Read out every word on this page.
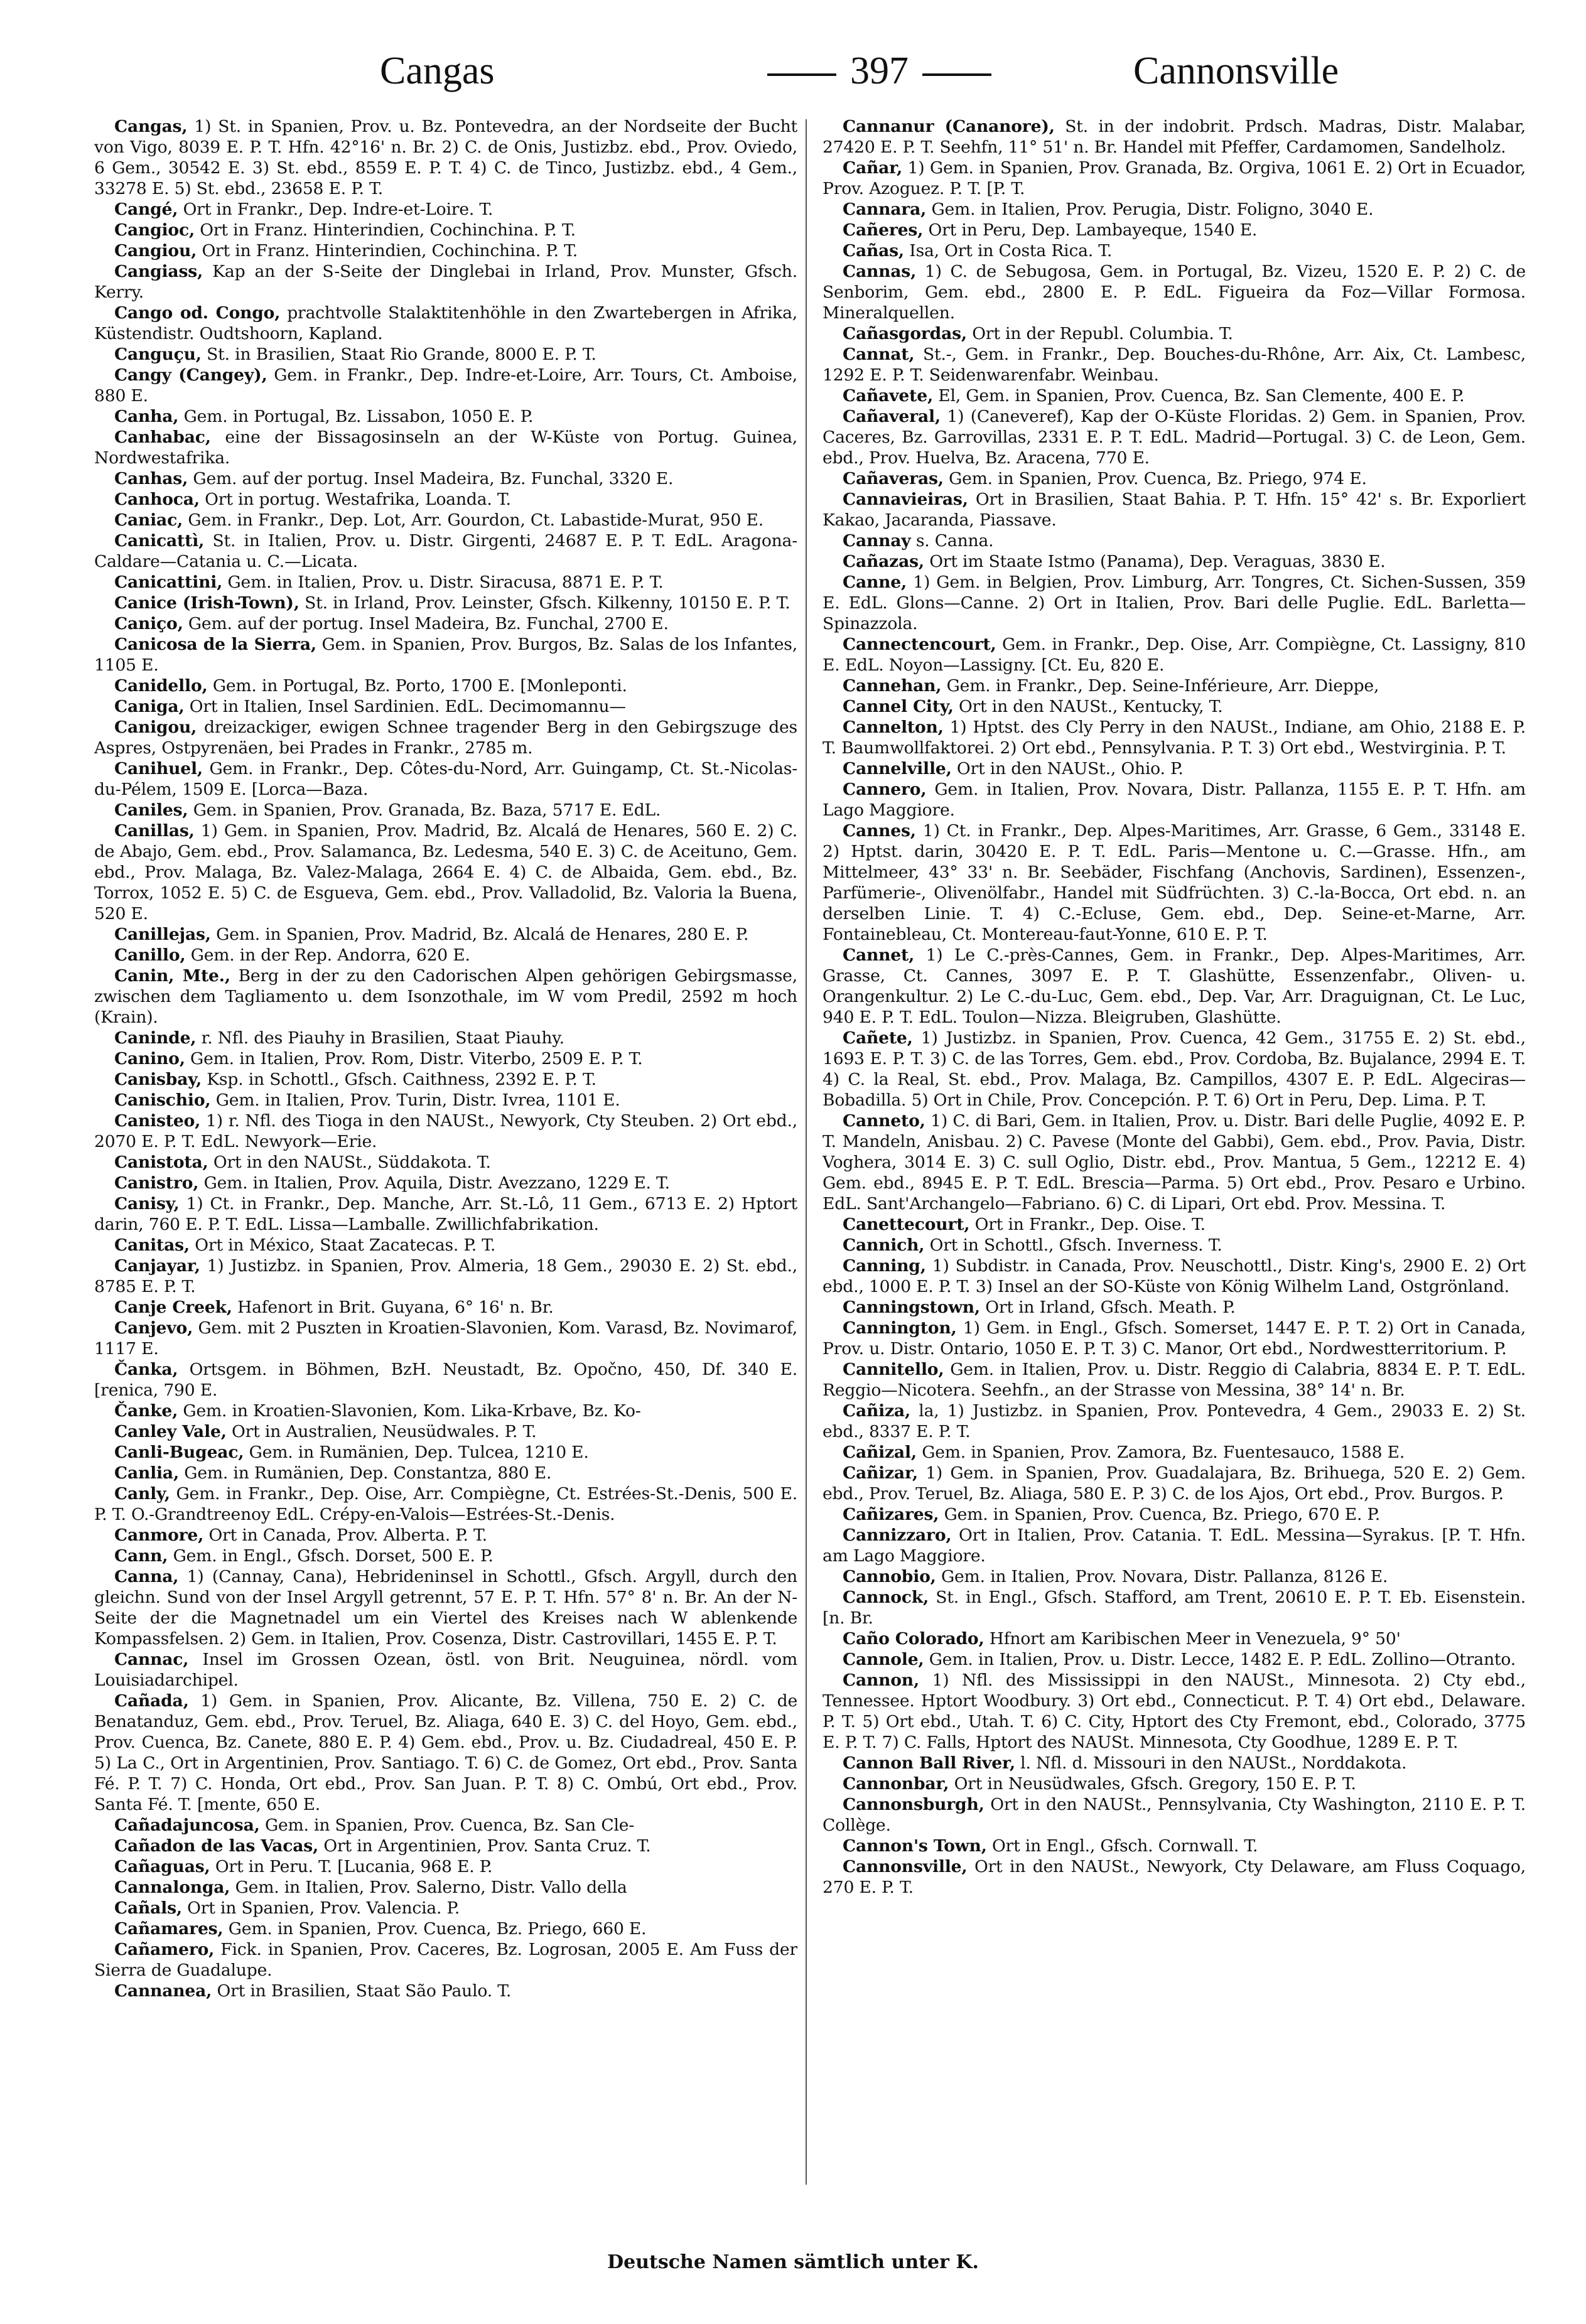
Cangas	397	Cannonsville

Cangas, 1) St. in Spanien, Prov. u. Bz. Pontevedra, an der Nordseite der Bucht von Vigo, 8039 E. P. T. Hfn. 42°16' n. Br. 2) C. de Onis, Justizbz. ebd., Prov. Oviedo, 6 Gem., 30542 E. 3) St. ebd., 8559 E. P. T. 4) C. de Tinco, Justizbz. ebd., 4 Gem., 33278 E. 5) St. ebd., 23658 E. P. T.

Cangé, Ort in Frankr., Dep. Indre-et-Loire. T.

Cangioc, Ort in Franz. Hinterindien, Cochinchina. P. T.

Cangiou, Ort in Franz. Hinterindien, Cochinchina. P. T.

Cangiass, Kap an der S-Seite der Dinglebai in Irland, Prov. Munster, Gfsch. Kerry.

Cango od. Congo, prachtvolle Stalaktitenhöhle in den Zwartebergen in Afrika, Küstendistr. Oudtshoorn, Kapland.

Canguçu, St. in Brasilien, Staat Rio Grande, 8000 E. P. T.

Cangy (Cangey), Gem. in Frankr., Dep. Indre-et-Loire, Arr. Tours, Ct. Amboise, 880 E.

Canha, Gem. in Portugal, Bz. Lissabon, 1050 E. P.

Canhabac, eine der Bissagosinseln an der W-Küste von Portug. Guinea, Nordwestafrika.

Canhas, Gem. auf der portug. Insel Madeira, Bz. Funchal, 3320 E.

Canhoca, Ort in portug. Westafrika, Loanda. T.

Caniac, Gem. in Frankr., Dep. Lot, Arr. Gourdon, Ct. Labastide-Murat, 950 E.

Canicattì, St. in Italien, Prov. u. Distr. Girgenti, 24687 E. P. T. EdL. Aragona-Caldare—Catania u. C.—Licata.

Canicattini, Gem. in Italien, Prov. u. Distr. Siracusa, 8871 E. P. T.

Canice (Irish-Town), St. in Irland, Prov. Leinster, Gfsch. Kilkenny, 10150 E. P. T.

Caniço, Gem. auf der portug. Insel Madeira, Bz. Funchal, 2700 E.

Canicosa de la Sierra, Gem. in Spanien, Prov. Burgos, Bz. Salas de los Infantes, 1105 E.

Canidello, Gem. in Portugal, Bz. Porto, 1700 E. [Monleponti.

Caniga, Ort in Italien, Insel Sardinien. EdL. Decimomannu—

Canigou, dreizackiger, ewigen Schnee tragender Berg in den Gebirgszuge des Aspres, Ostpyrenäen, bei Prades in Frankr., 2785 m.

Canihuel, Gem. in Frankr., Dep. Côtes-du-Nord, Arr. Guingamp, Ct. St.-Nicolas-du-Pélem, 1509 E. [Lorca—Baza.

Caniles, Gem. in Spanien, Prov. Granada, Bz. Baza, 5717 E. EdL.

Canillas, 1) Gem. in Spanien, Prov. Madrid, Bz. Alcalá de Henares, 560 E. 2) C. de Abajo, Gem. ebd., Prov. Salamanca, Bz. Ledesma, 540 E. 3) C. de Aceituno, Gem. ebd., Prov. Malaga, Bz. Valez-Malaga, 2664 E. 4) C. de Albaida, Gem. ebd., Bz. Torrox, 1052 E. 5) C. de Esgueva, Gem. ebd., Prov. Valladolid, Bz. Valoria la Buena, 520 E.

Canillejas, Gem. in Spanien, Prov. Madrid, Bz. Alcalá de Henares, 280 E. P.

Canillo, Gem. in der Rep. Andorra, 620 E.

Canin, Mte., Berg in der zu den Cadorischen Alpen gehörigen Gebirgsmasse, zwischen dem Tagliamento u. dem Isonzothale, im W vom Predil, 2592 m hoch (Krain).

Caninde, r. Nfl. des Piauhy in Brasilien, Staat Piauhy.

Canino, Gem. in Italien, Prov. Rom, Distr. Viterbo, 2509 E. P. T.

Canisbay, Ksp. in Schottl., Gfsch. Caithness, 2392 E. P. T.

Canischio, Gem. in Italien, Prov. Turin, Distr. Ivrea, 1101 E.

Canisteo, 1) r. Nfl. des Tioga in den NAUSt., Newyork, Cty Steuben. 2) Ort ebd., 2070 E. P. T. EdL. Newyork—Erie.

Canistota, Ort in den NAUSt., Süddakota. T.

Canistro, Gem. in Italien, Prov. Aquila, Distr. Avezzano, 1229 E. T.

Canisy, 1) Ct. in Frankr., Dep. Manche, Arr. St.-Lô, 11 Gem., 6713 E. 2) Hptort darin, 760 E. P. T. EdL. Lissa—Lamballe. Zwillichfabrikation.

Canitas, Ort in México, Staat Zacatecas. P. T.

Canjayar, 1) Justizbz. in Spanien, Prov. Almeria, 18 Gem., 29030 E. 2) St. ebd., 8785 E. P. T.

Canje Creek, Hafenort in Brit. Guyana, 6° 16' n. Br.

Canjevo, Gem. mit 2 Puszten in Kroatien-Slavonien, Kom. Varasd, Bz. Novimarof, 1117 E.

Čanka, Ortsgem. in Böhmen, BzH. Neustadt, Bz. Opočno, 450, Df. 340 E. [renica, 790 E.

Čanke, Gem. in Kroatien-Slavonien, Kom. Lika-Krbave, Bz. Ko-

Canley Vale, Ort in Australien, Neusüdwales. P. T.

Canli-Bugeac, Gem. in Rumänien, Dep. Tulcea, 1210 E.

Canlia, Gem. in Rumänien, Dep. Constantza, 880 E.

Canly, Gem. in Frankr., Dep. Oise, Arr. Compiègne, Ct. Estrées-St.-Denis, 500 E. P. T. O.-Grandtreenoy EdL. Crépy-en-Valois—Estrées-St.-Denis.

Canmore, Ort in Canada, Prov. Alberta. P. T.

Cann, Gem. in Engl., Gfsch. Dorset, 500 E. P.

Canna, 1) (Cannay, Cana), Hebrideninsel in Schottl., Gfsch. Argyll, durch den gleichn. Sund von der Insel Argyll getrennt, 57 E. P. T. Hfn. 57° 8' n. Br. An der N-Seite der die Magnetnadel um ein Viertel des Kreises nach W ablenkende Kompassfelsen. 2) Gem. in Italien, Prov. Cosenza, Distr. Castrovillari, 1455 E. P. T.

Cannac, Insel im Grossen Ozean, östl. von Brit. Neuguinea, nördl. vom Louisiadarchipel.

Cañada, 1) Gem. in Spanien, Prov. Alicante, Bz. Villena, 750 E. 2) C. de Benatanduz, Gem. ebd., Prov. Teruel, Bz. Aliaga, 640 E. 3) C. del Hoyo, Gem. ebd., Prov. Cuenca, Bz. Canete, 880 E. P. 4) Gem. ebd., Prov. u. Bz. Ciudadreal, 450 E. P. 5) La C., Ort in Argentinien, Prov. Santiago. T. 6) C. de Gomez, Ort ebd., Prov. Santa Fé. P. T. 7) C. Honda, Ort ebd., Prov. San Juan. P. T. 8) C. Ombú, Ort ebd., Prov. Santa Fé. T. [mente, 650 E.

Cañadajuncosa, Gem. in Spanien, Prov. Cuenca, Bz. San Cle-

Cañadon de las Vacas, Ort in Argentinien, Prov. Santa Cruz. T.

Cañaguas, Ort in Peru. T. [Lucania, 968 E. P.

Cannalonga, Gem. in Italien, Prov. Salerno, Distr. Vallo della

Cañals, Ort in Spanien, Prov. Valencia. P.

Cañamares, Gem. in Spanien, Prov. Cuenca, Bz. Priego, 660 E.

Cañamero, Fick. in Spanien, Prov. Caceres, Bz. Logrosan, 2005 E. Am Fuss der Sierra de Guadalupe.

Cannanea, Ort in Brasilien, Staat São Paulo. T.

Cannanur (Cananore), St. in der indobrit. Prdsch. Madras, Distr. Malabar, 27420 E. P. T. Seehfn, 11° 51' n. Br. Handel mit Pfeffer, Cardamomen, Sandelholz.

Cañar, 1) Gem. in Spanien, Prov. Granada, Bz. Orgiva, 1061 E. 2) Ort in Ecuador, Prov. Azoguez. P. T. [P. T.

Cannara, Gem. in Italien, Prov. Perugia, Distr. Foligno, 3040 E.

Cañeres, Ort in Peru, Dep. Lambayeque, 1540 E.

Cañas, Isa, Ort in Costa Rica. T.

Cannas, 1) C. de Sebugosa, Gem. in Portugal, Bz. Vizeu, 1520 E. P. 2) C. de Senborim, Gem. ebd., 2800 E. P. EdL. Figueira da Foz—Villar Formosa. Mineralquellen.

Cañasgordas, Ort in der Republ. Columbia. T.

Cannat, St.-, Gem. in Frankr., Dep. Bouches-du-Rhône, Arr. Aix, Ct. Lambesc, 1292 E. P. T. Seidenwarenfabr. Weinbau.

Cañavete, El, Gem. in Spanien, Prov. Cuenca, Bz. San Clemente, 400 E. P.

Cañaveral, 1) (Caneveref), Kap der O-Küste Floridas. 2) Gem. in Spanien, Prov. Caceres, Bz. Garrovillas, 2331 E. P. T. EdL. Madrid—Portugal. 3) C. de Leon, Gem. ebd., Prov. Huelva, Bz. Aracena, 770 E.

Cañaveras, Gem. in Spanien, Prov. Cuenca, Bz. Priego, 974 E.

Cannavieiras, Ort in Brasilien, Staat Bahia. P. T. Hfn. 15° 42' s. Br. Exporliert Kakao, Jacaranda, Piassave.

Cannay s. Canna.

Cañazas, Ort im Staate Istmo (Panama), Dep. Veraguas, 3830 E.

Canne, 1) Gem. in Belgien, Prov. Limburg, Arr. Tongres, Ct. Sichen-Sussen, 359 E. EdL. Glons—Canne. 2) Ort in Italien, Prov. Bari delle Puglie. EdL. Barletta—Spinazzola.

Cannectencourt, Gem. in Frankr., Dep. Oise, Arr. Compiègne, Ct. Lassigny, 810 E. EdL. Noyon—Lassigny. [Ct. Eu, 820 E.

Cannehan, Gem. in Frankr., Dep. Seine-Inférieure, Arr. Dieppe,

Cannel City, Ort in den NAUSt., Kentucky, T.

Cannelton, 1) Hptst. des Cly Perry in den NAUSt., Indiane, am Ohio, 2188 E. P. T. Baumwollfaktorei. 2) Ort ebd., Pennsylvania. P. T. 3) Ort ebd., Westvirginia. P. T.

Cannelville, Ort in den NAUSt., Ohio. P.

Cannero, Gem. in Italien, Prov. Novara, Distr. Pallanza, 1155 E. P. T. Hfn. am Lago Maggiore.

Cannes, 1) Ct. in Frankr., Dep. Alpes-Maritimes, Arr. Grasse, 6 Gem., 33148 E. 2) Hptst. darin, 30420 E. P. T. EdL. Paris—Mentone u. C.—Grasse. Hfn., am Mittelmeer, 43° 33' n. Br. Seebäder, Fischfang (Anchovis, Sardinen), Essenzen-, Parfümerie-, Olivenölfabr., Handel mit Südfrüchten. 3) C.-la-Bocca, Ort ebd. n. an derselben Linie. T. 4) C.-Ecluse, Gem. ebd., Dep. Seine-et-Marne, Arr. Fontainebleau, Ct. Montereau-faut-Yonne, 610 E. P. T.

Cannet, 1) Le C.-près-Cannes, Gem. in Frankr., Dep. Alpes-Maritimes, Arr. Grasse, Ct. Cannes, 3097 E. P. T. Glashütte, Essenzenfabr., Oliven- u. Orangenkultur. 2) Le C.-du-Luc, Gem. ebd., Dep. Var, Arr. Draguignan, Ct. Le Luc, 940 E. P. T. EdL. Toulon—Nizza. Bleigruben, Glashütte.

Cañete, 1) Justizbz. in Spanien, Prov. Cuenca, 42 Gem., 31755 E. 2) St. ebd., 1693 E. P. T. 3) C. de las Torres, Gem. ebd., Prov. Cordoba, Bz. Bujalance, 2994 E. T. 4) C. la Real, St. ebd., Prov. Malaga, Bz. Campillos, 4307 E. P. EdL. Algeciras—Bobadilla. 5) Ort in Chile, Prov. Concepción. P. T. 6) Ort in Peru, Dep. Lima. P. T.

Canneto, 1) C. di Bari, Gem. in Italien, Prov. u. Distr. Bari delle Puglie, 4092 E. P. T. Mandeln, Anisbau. 2) C. Pavese (Monte del Gabbi), Gem. ebd., Prov. Pavia, Distr. Voghera, 3014 E. 3) C. sull Oglio, Distr. ebd., Prov. Mantua, 5 Gem., 12212 E. 4) Gem. ebd., 8945 E. P. T. EdL. Brescia—Parma. 5) Ort ebd., Prov. Pesaro e Urbino. EdL. Sant'Archangelo—Fabriano. 6) C. di Lipari, Ort ebd. Prov. Messina. T.

Canettecourt, Ort in Frankr., Dep. Oise. T.

Cannich, Ort in Schottl., Gfsch. Inverness. T.

Canning, 1) Subdistr. in Canada, Prov. Neuschottl., Distr. King's, 2900 E. 2) Ort ebd., 1000 E. P. T. 3) Insel an der SO-Küste von König Wilhelm Land, Ostgrönland.

Canningstown, Ort in Irland, Gfsch. Meath. P.

Cannington, 1) Gem. in Engl., Gfsch. Somerset, 1447 E. P. T. 2) Ort in Canada, Prov. u. Distr. Ontario, 1050 E. P. T. 3) C. Manor, Ort ebd., Nordwestterritorium. P.

Cannitello, Gem. in Italien, Prov. u. Distr. Reggio di Calabria, 8834 E. P. T. EdL. Reggio—Nicotera. Seehfn., an der Strasse von Messina, 38° 14' n. Br.

Cañiza, la, 1) Justizbz. in Spanien, Prov. Pontevedra, 4 Gem., 29033 E. 2) St. ebd., 8337 E. P. T.

Cañizal, Gem. in Spanien, Prov. Zamora, Bz. Fuentesauco, 1588 E.

Cañizar, 1) Gem. in Spanien, Prov. Guadalajara, Bz. Brihuega, 520 E. 2) Gem. ebd., Prov. Teruel, Bz. Aliaga, 580 E. P. 3) C. de los Ajos, Ort ebd., Prov. Burgos. P.

Cañizares, Gem. in Spanien, Prov. Cuenca, Bz. Priego, 670 E. P.

Cannizzaro, Ort in Italien, Prov. Catania. T. EdL. Messina—Syrakus. [P. T. Hfn. am Lago Maggiore.

Cannobio, Gem. in Italien, Prov. Novara, Distr. Pallanza, 8126 E.

Cannock, St. in Engl., Gfsch. Stafford, am Trent, 20610 E. P. T. Eb. Eisenstein. [n. Br.

Caño Colorado, Hfnort am Karibischen Meer in Venezuela, 9° 50'

Cannole, Gem. in Italien, Prov. u. Distr. Lecce, 1482 E. P. EdL. Zollino—Otranto.

Cannon, 1) Nfl. des Mississippi in den NAUSt., Minnesota. 2) Cty ebd., Tennessee. Hptort Woodbury. 3) Ort ebd., Connecticut. P. T. 4) Ort ebd., Delaware. P. T. 5) Ort ebd., Utah. T. 6) C. City, Hptort des Cty Fremont, ebd., Colorado, 3775 E. P. T. 7) C. Falls, Hptort des NAUSt. Minnesota, Cty Goodhue, 1289 E. P. T.

Cannon Ball River, l. Nfl. d. Missouri in den NAUSt., Norddakota.

Cannonbar, Ort in Neusüdwales, Gfsch. Gregory, 150 E. P. T.

Cannonsburgh, Ort in den NAUSt., Pennsylvania, Cty Washington, 2110 E. P. T. Collège.

Cannon's Town, Ort in Engl., Gfsch. Cornwall. T.

Cannonsville, Ort in den NAUSt., Newyork, Cty Delaware, am Fluss Coquago, 270 E. P. T.

Deutsche Namen sämtlich unter K.
